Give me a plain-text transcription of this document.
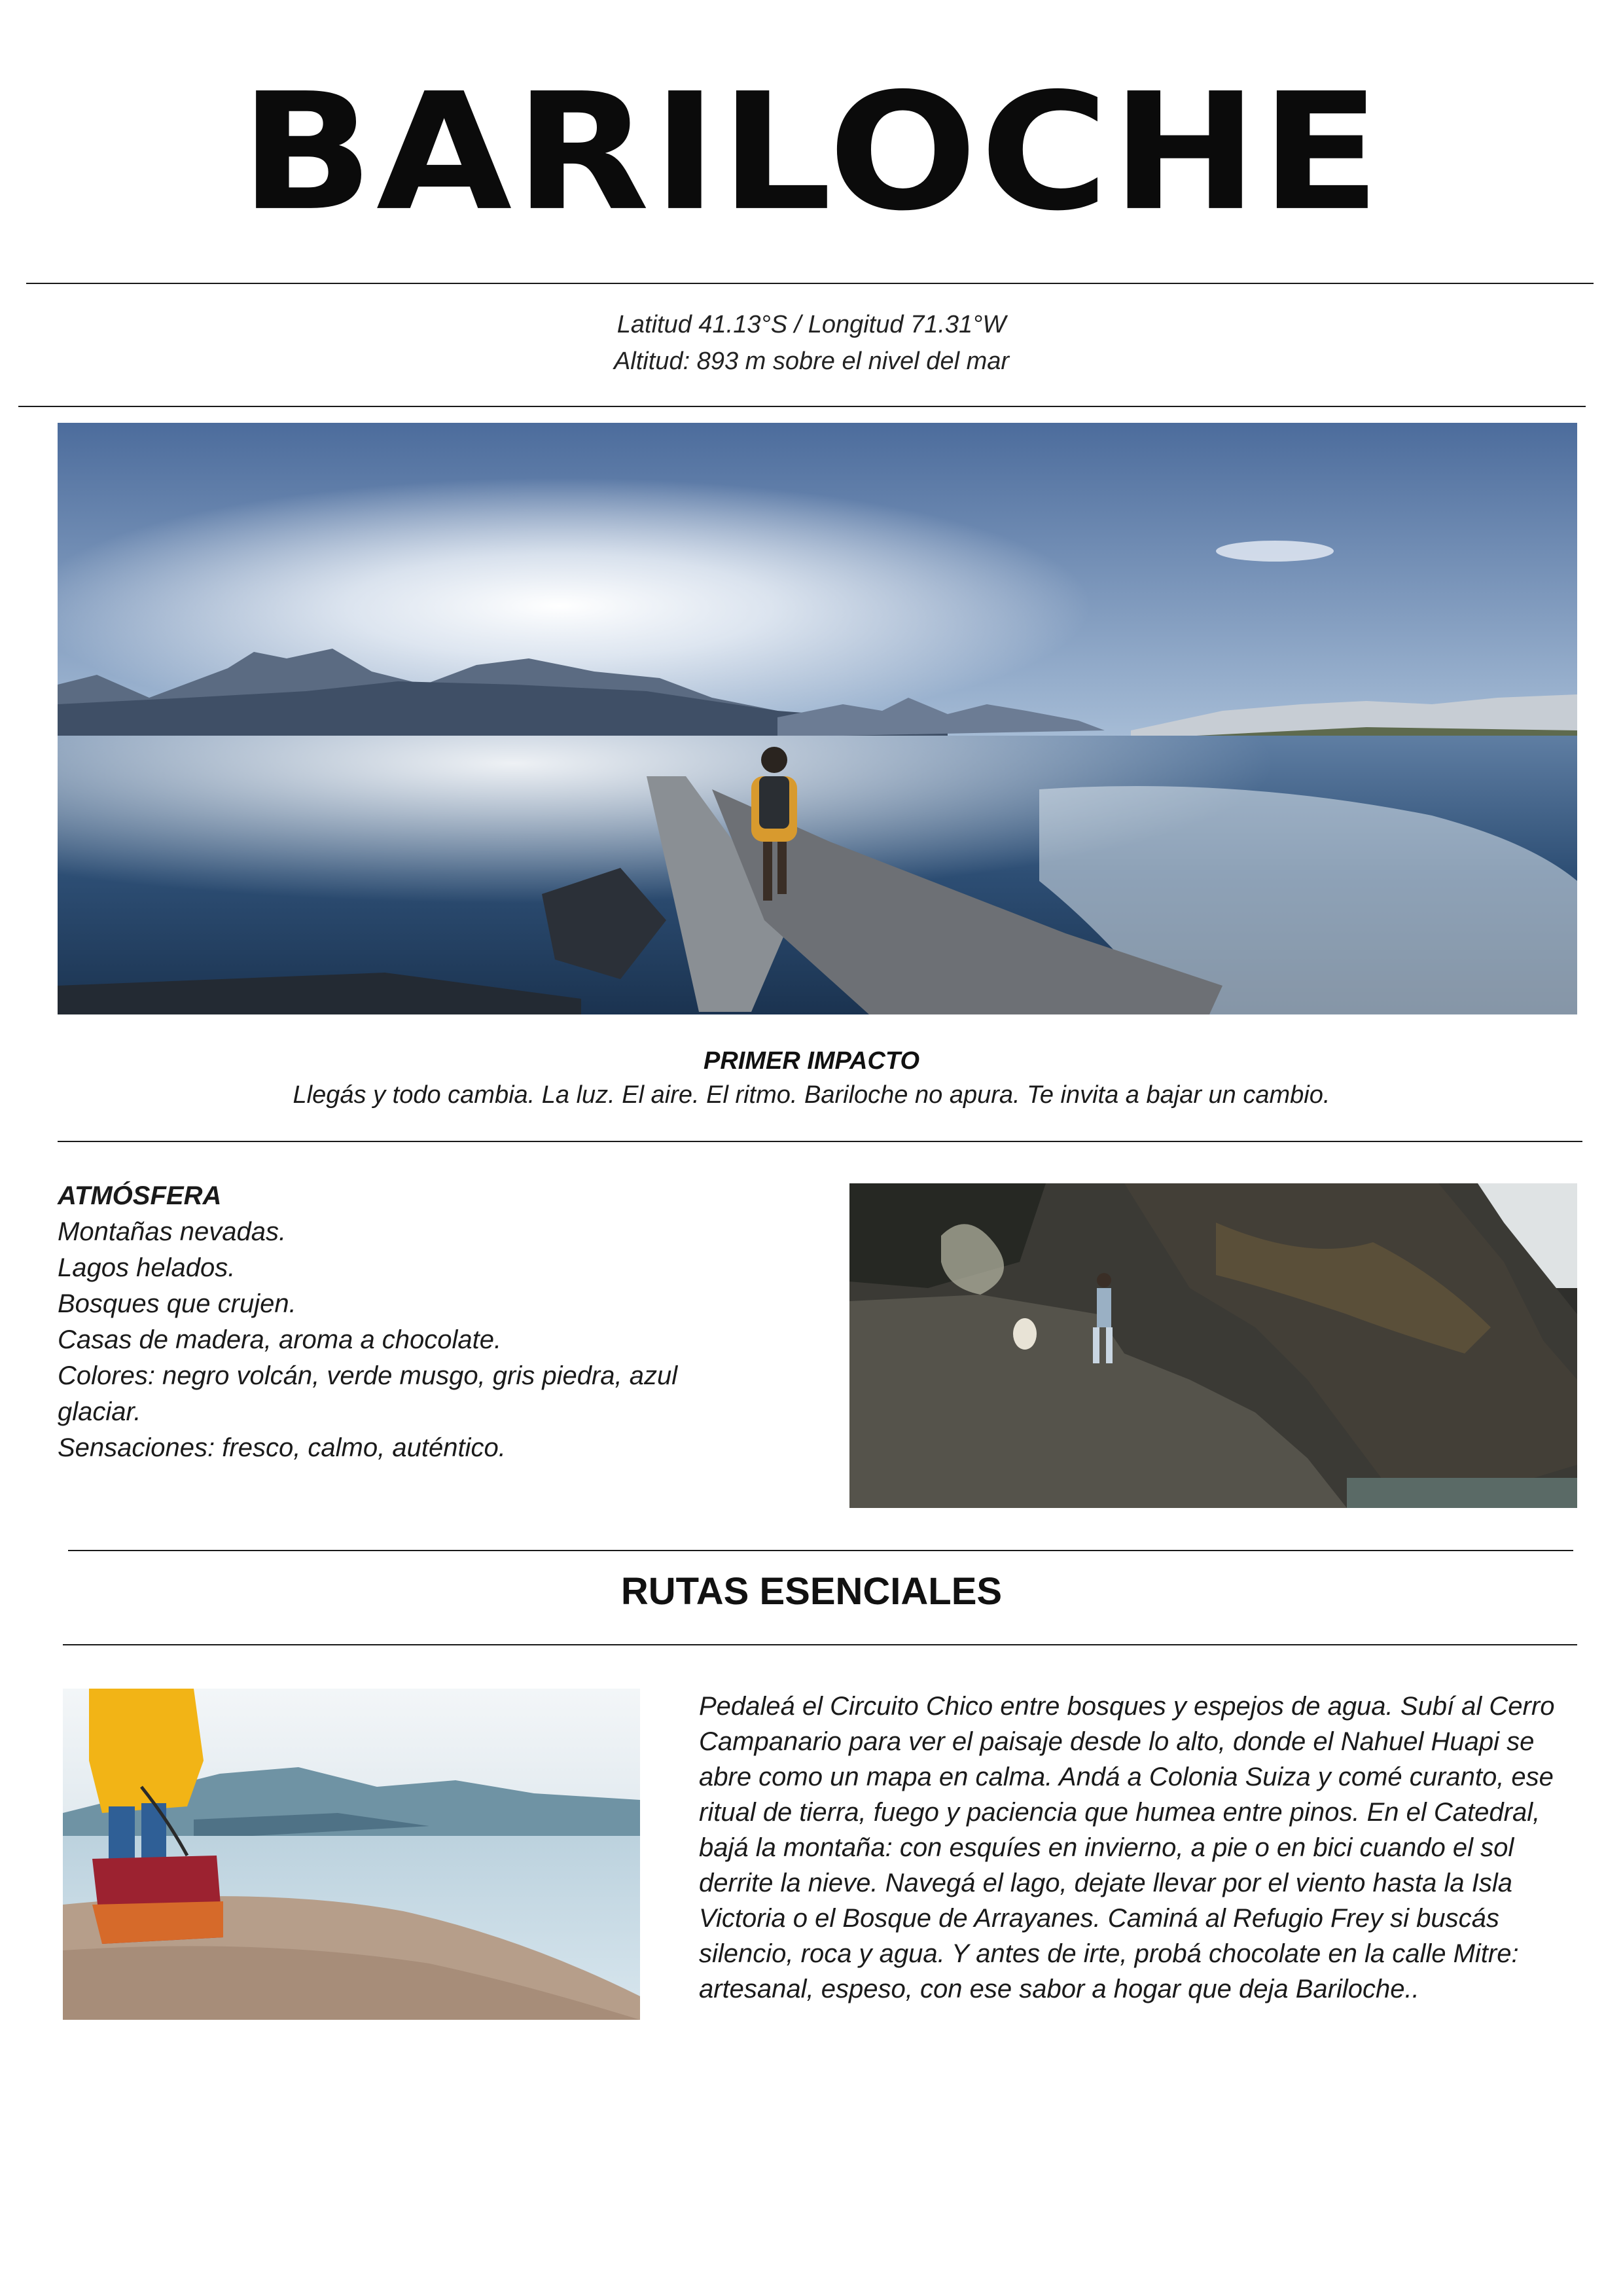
BARILOCHE
Latitud 41.13°S / Longitud 71.31°W
Altitud: 893 m sobre el nivel del mar
PRIMER IMPACTO
Llegás y todo cambia. La luz. El aire. El ritmo. Bariloche no apura. Te invita a bajar un cambio.
ATMÓSFERA
Montañas nevadas.
Lagos helados.
Bosques que crujen.
Casas de madera, aroma a chocolate.
Colores: negro volcán, verde musgo, gris piedra, azul glaciar.
Sensaciones: fresco, calmo, auténtico.
RUTAS ESENCIALES
Pedaleá el Circuito Chico entre bosques y espejos de agua. Subí al Cerro Campanario para ver el paisaje desde lo alto, donde el Nahuel Huapi se abre como un mapa en calma. Andá a Colonia Suiza y comé curanto, ese ritual de tierra, fuego y paciencia que humea entre pinos. En el Catedral, bajá la montaña: con esquíes en invierno, a pie o en bici cuando el sol derrite la nieve. Navegá el lago, dejate llevar por el viento hasta la Isla Victoria o el Bosque de Arrayanes. Caminá al Refugio Frey si buscás silencio, roca y agua. Y antes de irte, probá chocolate en la calle Mitre: artesanal, espeso, con ese sabor a hogar que deja Bariloche..
